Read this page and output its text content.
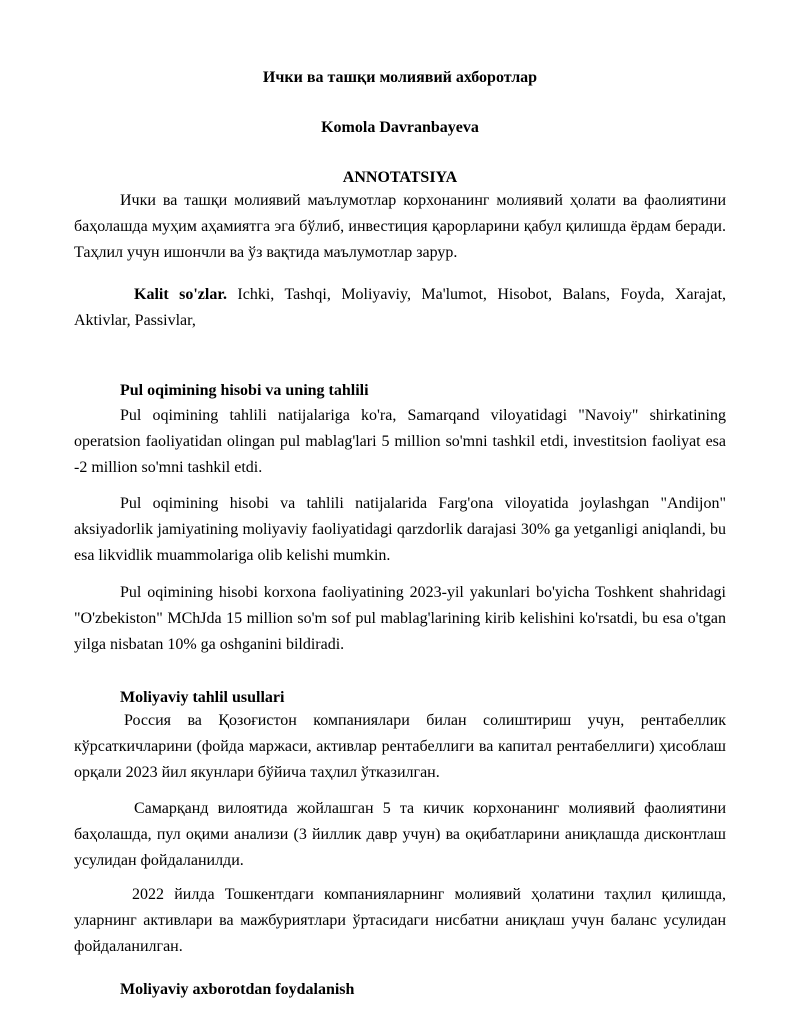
Ички ва ташқи молиявий ахборотлар
Komola Davranbayeva
ANNOTATSIYA
Ички ва ташқи молиявий маълумотлар корхонанинг молиявий ҳолати ва фаолиятини баҳолашда муҳим аҳамиятга эга бўлиб, инвестиция қарорларини қабул қилишда ёрдам беради. Таҳлил учун ишончли ва ўз вақтида маълумотлар зарур.
Kalit so'zlar. Ichki, Tashqi, Moliyaviy, Ma'lumot, Hisobot, Balans, Foyda, Xarajat, Aktivlar, Passivlar,
Pul oqimining hisobi va uning tahlili
Pul oqimining tahlili natijalariga ko'ra, Samarqand viloyatidagi "Navoiy" shirkatining operatsion faoliyatidan olingan pul mablag'lari 5 million so'mni tashkil etdi, investitsion faoliyat esa -2 million so'mni tashkil etdi.
Pul oqimining hisobi va tahlili natijalarida Farg'ona viloyatida joylashgan "Andijon" aksiyadorlik jamiyatining moliyaviy faoliyatidagi qarzdorlik darajasi 30% ga yetganligi aniqlandi, bu esa likvidlik muammolariga olib kelishi mumkin.
Pul oqimining hisobi korxona faoliyatining 2023-yil yakunlari bo'yicha Toshkent shahridagi "O'zbekiston" MChJda 15 million so'm sof pul mablag'larining kirib kelishini ko'rsatdi, bu esa o'tgan yilga nisbatan 10% ga oshganini bildiradi.
Moliyaviy tahlil usullari
Россия ва Қозоғистон компаниялари билан солиштириш учун, рентабеллик кўрсаткичларини (фойда маржаси, активлар рентабеллиги ва капитал рентабеллиги) ҳисоблаш орқали 2023 йил якунлари бўйича таҳлил ўтказилган.
Самарқанд вилоятида жойлашган 5 та кичик корхонанинг молиявий фаолиятини баҳолашда, пул оқими анализи (3 йиллик давр учун) ва оқибатларини аниқлашда дисконтлаш усулидан фойдаланилди.
2022 йилда Тошкентдаги компанияларнинг молиявий ҳолатини таҳлил қилишда, уларнинг активлари ва мажбуриятлари ўртасидаги нисбатни аниқлаш учун баланс усулидан фойдаланилган.
Moliyaviy axborotdan foydalanish
